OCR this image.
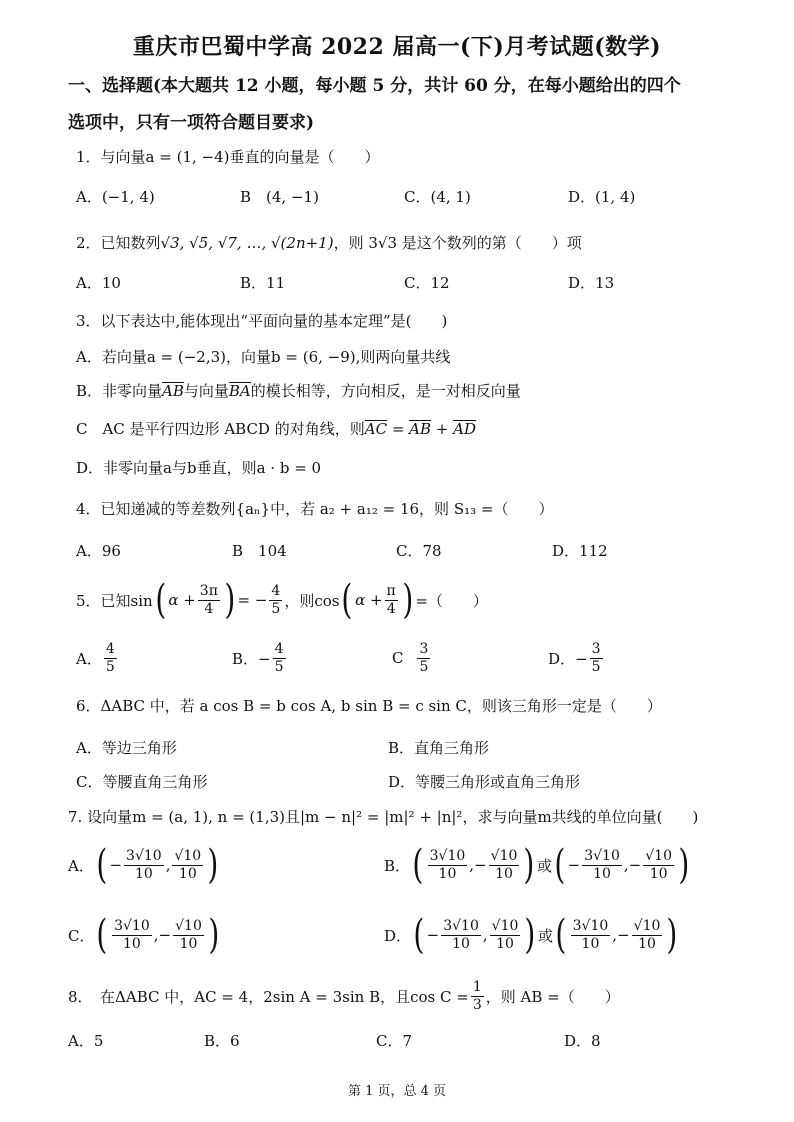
重庆市巴蜀中学高 2022 届高一(下)月考试题(数学)
一、选择题(本大题共 12 小题，每小题 5 分，共计 60 分，在每小题给出的四个
选项中，只有一项符合题目要求)
1．与向量a = (1, −4)垂直的向量是（　　）
A．(−1, 4)	B　(4, −1)	C．(4, 1)	D．(1, 4)
2．已知数列√3, √5, √7, …, √(2n+1)，则 3√3 是这个数列的第（　　）项
A．10	B．11	C．12	D．13
3．以下表达中,能体现出“平面向量的基本定理”是(　　)
A．若向量a = (−2,3)，向量b = (6, −9),则两向量共线
B．非零向量AB与向量BA的模长相等，方向相反，是一对相反向量
C　AC 是平行四边形 ABCD 的对角线，则AC = AB + AD
D．非零向量a与b垂直，则a · b = 0
4．已知递减的等差数列{aₙ}中，若 a₂ + a₁₂ = 16，则 S₁₃ =（　　）
A．96	B　104	C．78	D．112
5．已知sin ( $\alpha + \frac{3\pi}{4}$ ) = − $\frac{4}{5}$ ，则cos ( $\alpha + \frac{\pi}{4}$ ) =（　　）
A． $\frac{4}{5}$	B．− $\frac{4}{5}$	C $\frac{3}{5}$	D．− $\frac{3}{5}$
6．ΔABC 中，若 a cos B = b cos A, b sin B = c sin C，则该三角形一定是（　　）
A．等边三角形	B．直角三角形
C．等腰直角三角形	D．等腰三角形或直角三角形
7. 设向量m = (a, 1), n = (1,3)且|m − n|² = |m|² + |n|²，求与向量m共线的单位向量(　　)
A． ( − $\frac{3√10}{10}$ , $\frac{√10}{10}$ )	B． ( $\frac{3√10}{10}$ , − $\frac{√10}{10}$ ) 或 ( − $\frac{3√10}{10}$ , − $\frac{√10}{10}$ )
C． ( $\frac{3√10}{10}$ , − $\frac{√10}{10}$ )	D． ( − $\frac{3√10}{10}$ , $\frac{√10}{10}$ ) 或 ( $\frac{3√10}{10}$ , − $\frac{√10}{10}$ )
8．　在ΔABC 中，AC = 4，2sin A = 3sin B，且$\cos C = \frac{1}{3}$ ，则 AB =（　　）
A．5	B．6	C．7	D．8
第 1 页，总 4 页
